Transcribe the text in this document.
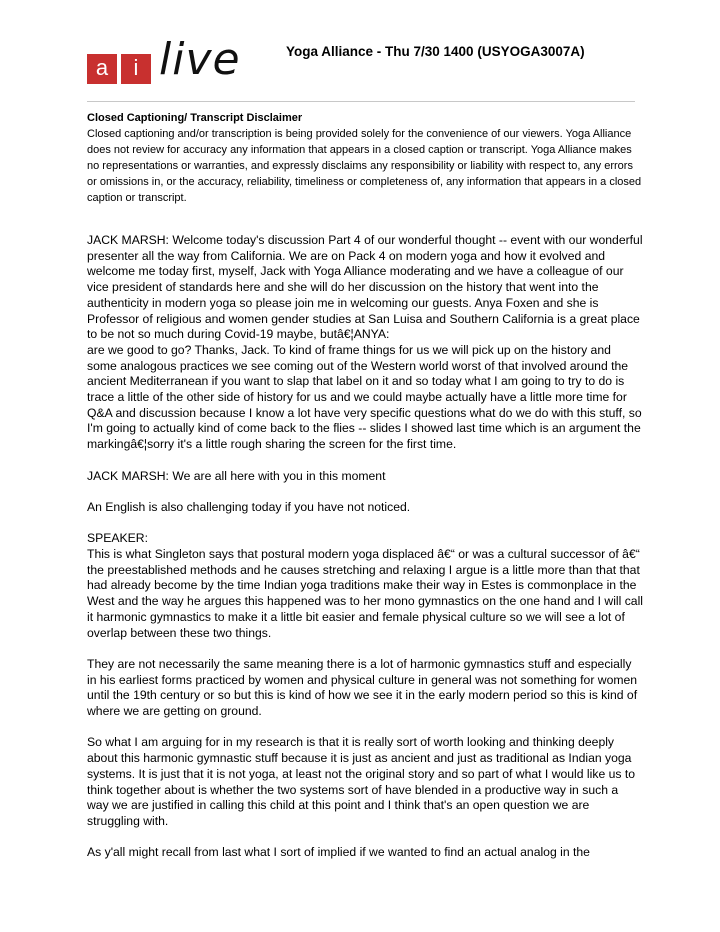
a	i live	Yoga Alliance - Thu 7/30 1400 (USYOGA3007A)
Closed Captioning/ Transcript Disclaimer
Closed captioning and/or transcription is being provided solely for the convenience of our viewers. Yoga Alliance does not review for accuracy any information that appears in a closed caption or transcript. Yoga Alliance makes no representations or warranties, and expressly disclaims any responsibility or liability with respect to, any errors or omissions in, or the accuracy, reliability, timeliness or completeness of, any information that appears in a closed caption or transcript.

JACK MARSH: Welcome today's discussion Part 4 of our wonderful thought -- event with our wonderful presenter all the way from California. We are on Pack 4 on modern yoga and how it evolved and welcome me today first, myself, Jack with Yoga Alliance moderating and we have a colleague of our vice president of standards here and she will do her discussion on the history that went into the authenticity in modern yoga so please join me in welcoming our guests. Anya Foxen and she is Professor of religious and women gender studies at San Luisa and Southern California is a great place to be not so much during Covid-19 maybe, butâ€¦ANYA:
are we good to go? Thanks, Jack. To kind of frame things for us we will pick up on the history and some analogous practices we see coming out of the Western world worst of that involved around the ancient Mediterranean if you want to slap that label on it and so today what I am going to try to do is trace a little of the other side of history for us and we could maybe actually have a little more time for Q&A and discussion because I know a lot have very specific questions what do we do with this stuff, so I'm going to actually kind of come back to the flies -- slides I showed last time which is an argument the markingâ€¦sorry it's a little rough sharing the screen for the first time.

JACK MARSH: We are all here with you in this moment

An English is also challenging today if you have not noticed.

SPEAKER:
This is what Singleton says that postural modern yoga displaced â€“ or was a cultural successor of â€“ the preestablished methods and he causes stretching and relaxing I argue is a little more than that that had already become by the time Indian yoga traditions make their way in Estes is commonplace in the West and the way he argues this happened was to her mono gymnastics on the one hand and I will call it harmonic gymnastics to make it a little bit easier and female physical culture so we will see a lot of overlap between these two things.

They are not necessarily the same meaning there is a lot of harmonic gymnastics stuff and especially in his earliest forms practiced by women and physical culture in general was not something for women until the 19th century or so but this is kind of how we see it in the early modern period so this is kind of where we are getting on ground.

So what I am arguing for in my research is that it is really sort of worth looking and thinking deeply about this harmonic gymnastic stuff because it is just as ancient and just as traditional as Indian yoga systems. It is just that it is not yoga, at least not the original story and so part of what I would like us to think together about is whether the two systems sort of have blended in a productive way in such a way we are justified in calling this child at this point and I think that's an open question we are struggling with.

As y'all might recall from last what I sort of implied if we wanted to find an actual analog in the
